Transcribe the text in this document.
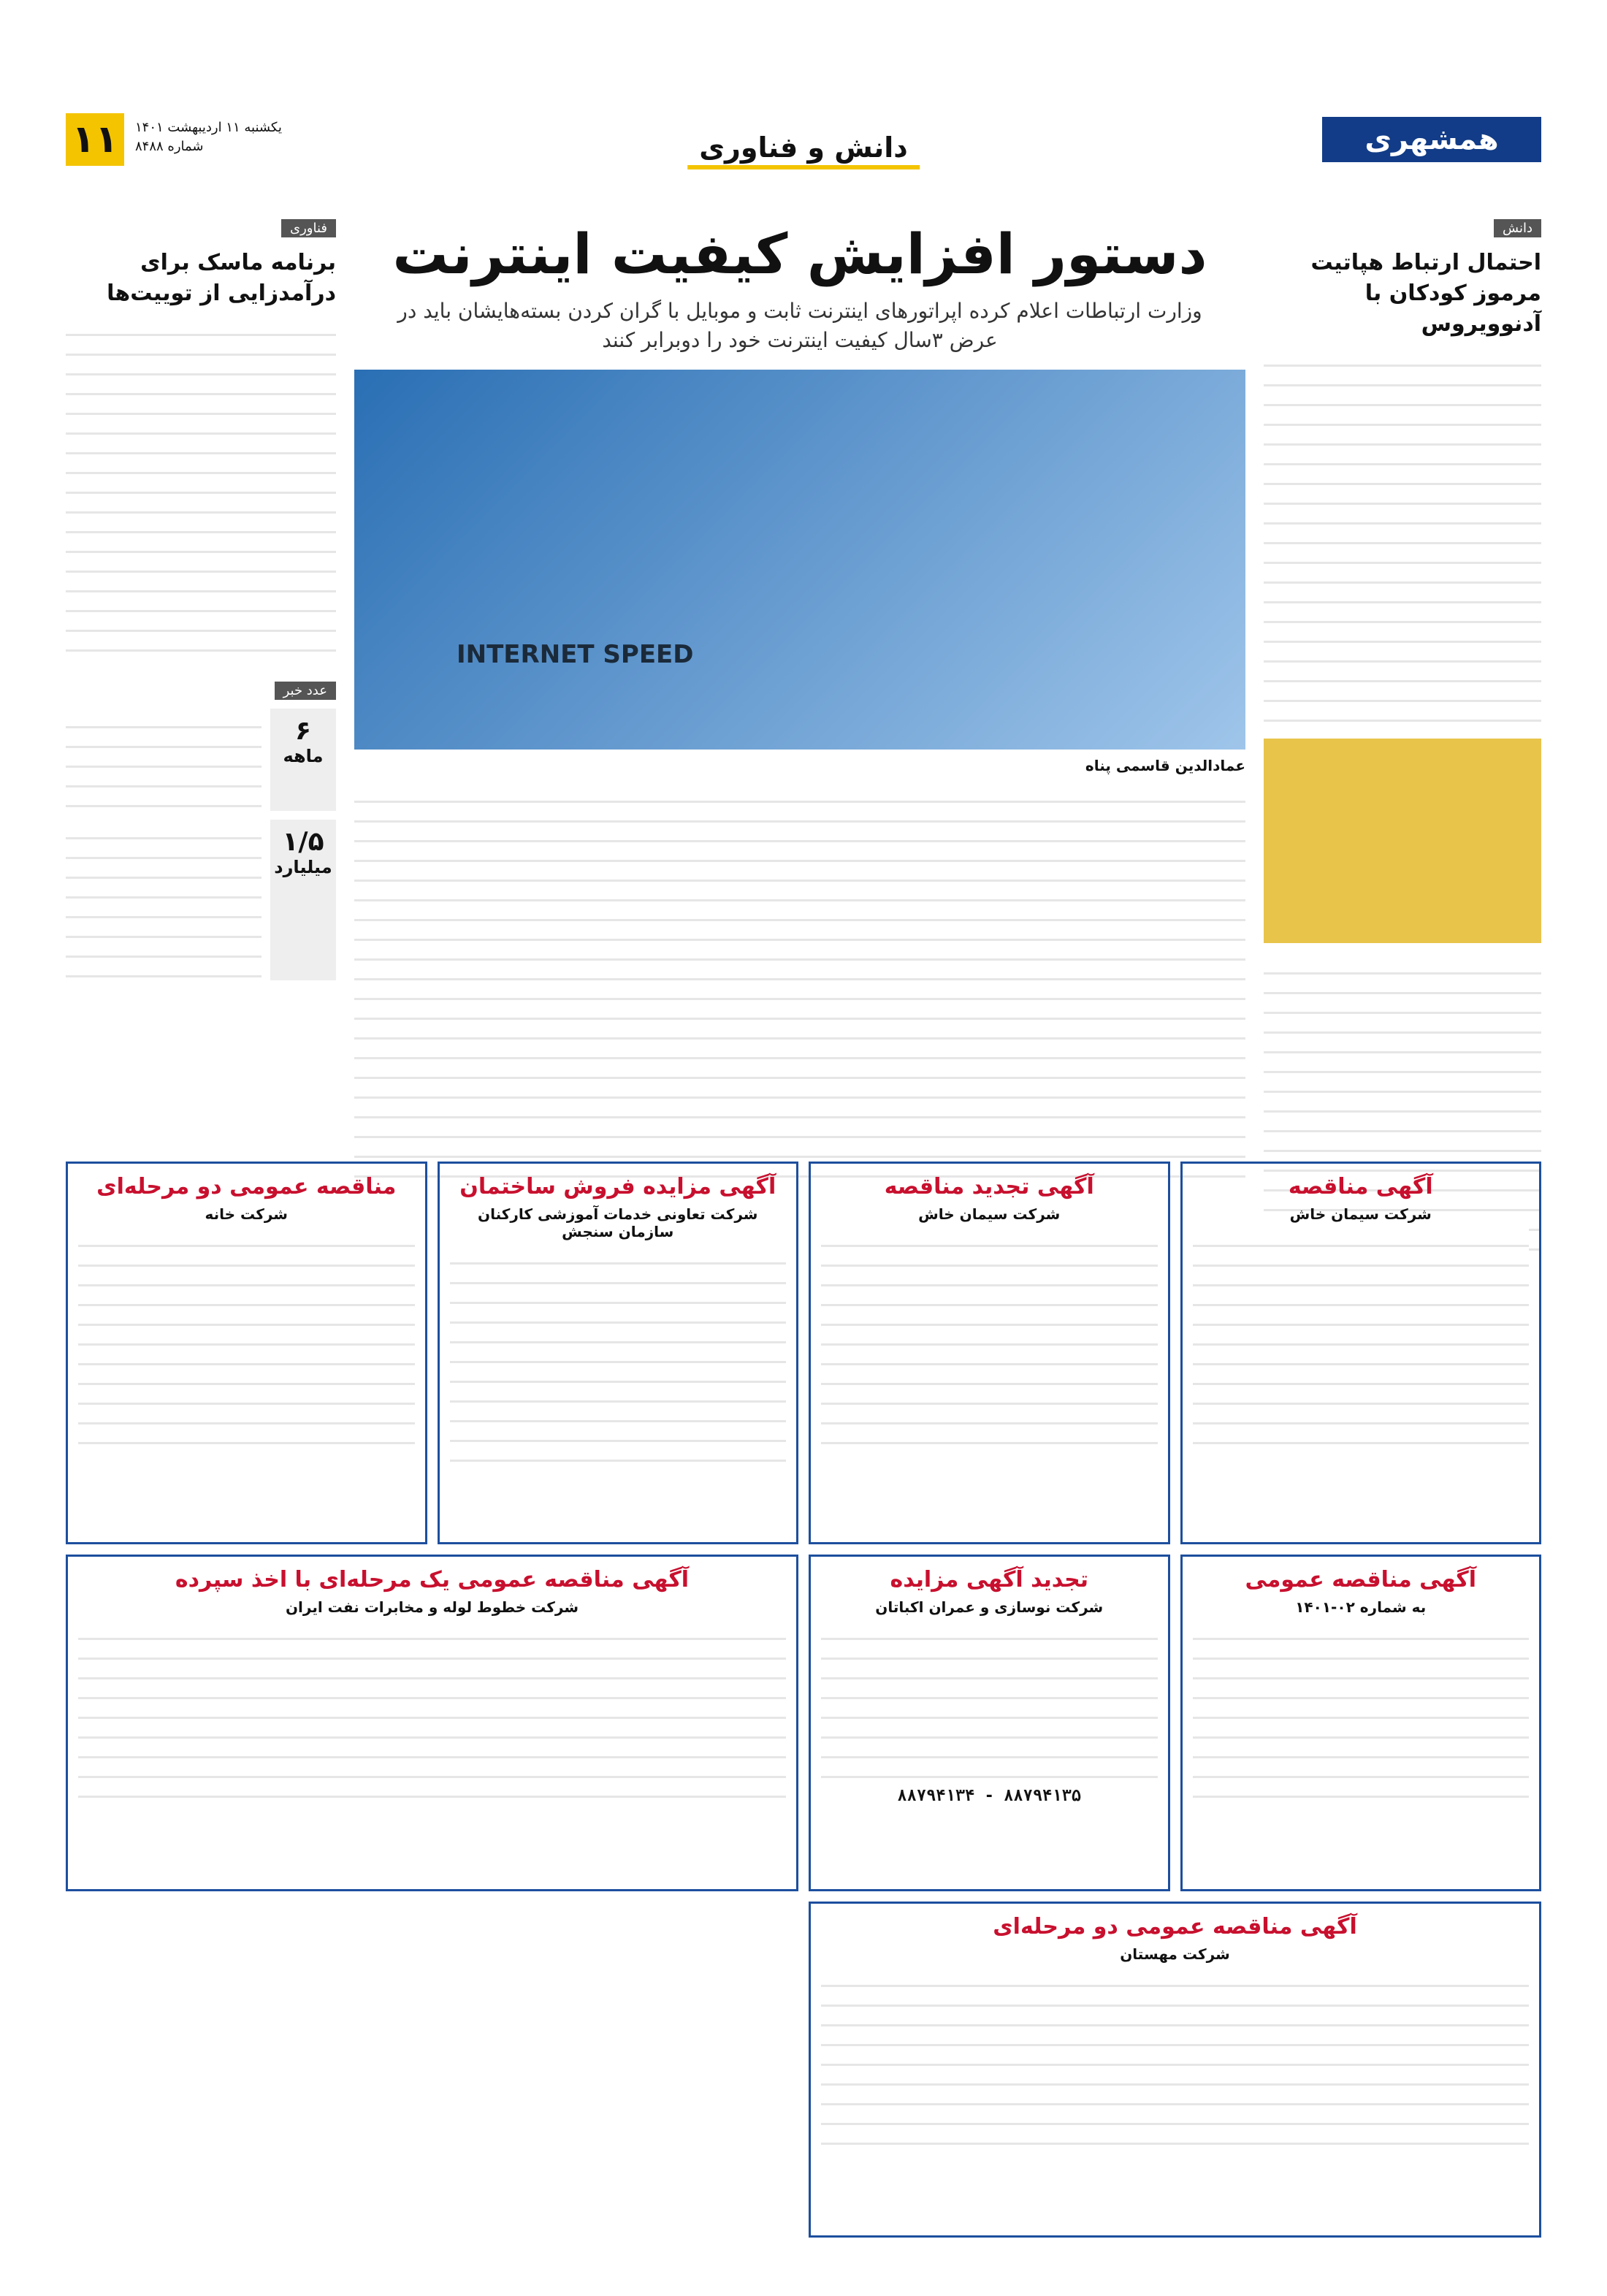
همشهری
دانش و فناوری
یکشنبه ۱۱ اردیبهشت ۱۴۰۱
شماره ۸۴۸۸
۱۱
دانش
احتمال ارتباط هپاتیت مرموز کودکان با آدنوویروس
دستور افزایش کیفیت اینترنت

وزارت ارتباطات اعلام کرده اپراتورهای اینترنت ثابت و موبایل با گران کردن بسته‌هایشان باید در عرض ۳سال کیفیت اینترنت خود را دوبرابر کنند

INTERNET SPEED
عمادالدین قاسمی پناه
فناوری
برنامه ماسک برای درآمدزایی از توییت‌ها
عدد خبر
۶
ماهه
۱/۵
میلیارد
آگهی مناقصه
شرکت سیمان خاش
آگهی تجدید مناقصه
شرکت سیمان خاش
آگهی مزایده فروش ساختمان
شرکت تعاونی خدمات آموزشی کارکنان سازمان سنجش
مناقصه عمومی دو مرحله‌ای
شرکت خانه
آگهی مناقصه عمومی
به شماره ۰۲-۱۴۰۱
تجدید آگهی مزایده
شرکت نوسازی و عمران اکباتان
۸۸۷۹۴۱۳۴ - ۸۸۷۹۴۱۳۵
آگهی مناقصه عمومی یک مرحله‌ای با اخذ سپرده
شرکت خطوط لوله و مخابرات نفت ایران
آگهی مناقصه عمومی دو مرحله‌ای
شرکت مهستان
